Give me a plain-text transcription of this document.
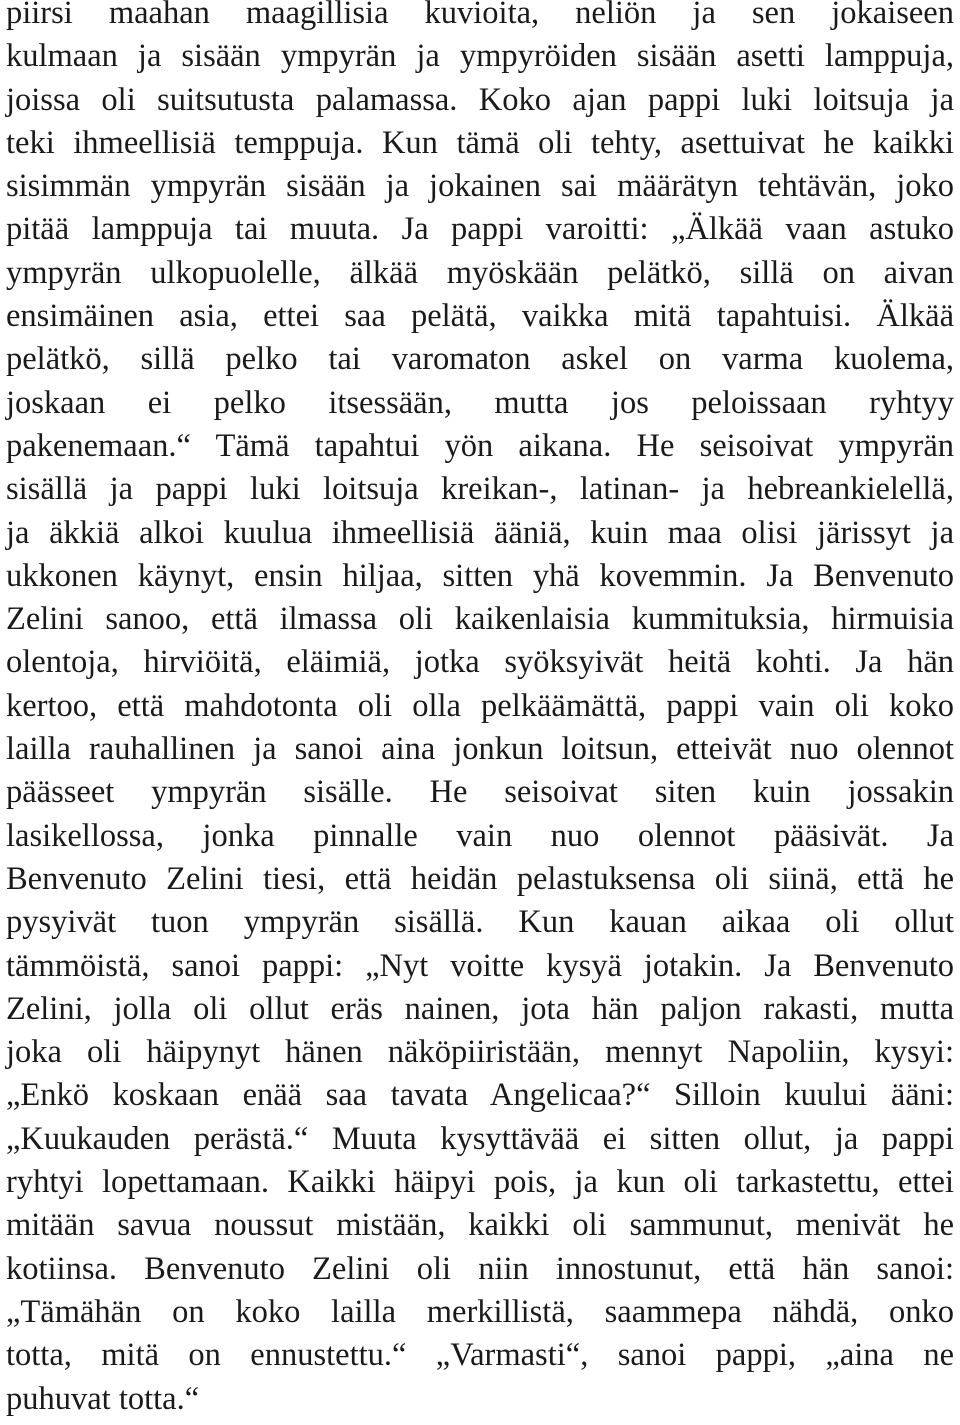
piirsi maahan maagillisia kuvioita, neliön ja sen jokaiseen
kulmaan ja sisään ympyrän ja ympyröiden sisään asetti lamppuja,
joissa oli suitsutusta palamassa. Koko ajan pappi luki loitsuja ja
teki ihmeellisiä temppuja. Kun tämä oli tehty, asettuivat he kaikki
sisimmän ympyrän sisään ja jokainen sai määrätyn tehtävän, joko
pitää lamppuja tai muuta. Ja pappi varoitti: „Älkää vaan astuko
ympyrän ulkopuolelle, älkää myöskään pelätkö, sillä on aivan
ensimäinen asia, ettei saa pelätä, vaikka mitä tapahtuisi. Älkää
pelätkö, sillä pelko tai varomaton askel on varma kuolema,
joskaan ei pelko itsessään, mutta jos peloissaan ryhtyy
pakenemaan.“ Tämä tapahtui yön aikana. He seisoivat ympyrän
sisällä ja pappi luki loitsuja kreikan-, latinan- ja hebreankielellä,
ja äkkiä alkoi kuulua ihmeellisiä ääniä, kuin maa olisi järissyt ja
ukkonen käynyt, ensin hiljaa, sitten yhä kovemmin. Ja Benvenuto
Zelini sanoo, että ilmassa oli kaikenlaisia kummituksia, hirmuisia
olentoja, hirviöitä, eläimiä, jotka syöksyivät heitä kohti. Ja hän
kertoo, että mahdotonta oli olla pelkäämättä, pappi vain oli koko
lailla rauhallinen ja sanoi aina jonkun loitsun, etteivät nuo olennot
päässeet ympyrän sisälle. He seisoivat siten kuin jossakin
lasikellossa, jonka pinnalle vain nuo olennot pääsivät. Ja
Benvenuto Zelini tiesi, että heidän pelastuksensa oli siinä, että he
pysyivät tuon ympyrän sisällä. Kun kauan aikaa oli ollut
tämmöistä, sanoi pappi: „Nyt voitte kysyä jotakin. Ja Benvenuto
Zelini, jolla oli ollut eräs nainen, jota hän paljon rakasti, mutta
joka oli häipynyt hänen näköpiiristään, mennyt Napoliin, kysyi:
„Enkö koskaan enää saa tavata Angelicaa?“ Silloin kuului ääni:
„Kuukauden perästä.“ Muuta kysyttävää ei sitten ollut, ja pappi
ryhtyi lopettamaan. Kaikki häipyi pois, ja kun oli tarkastettu, ettei
mitään savua noussut mistään, kaikki oli sammunut, menivät he
kotiinsa. Benvenuto Zelini oli niin innostunut, että hän sanoi:
„Tämähän on koko lailla merkillistä, saammepa nähdä, onko
totta, mitä on ennustettu.“ „Varmasti“, sanoi pappi, „aina ne
puhuvat totta.“
